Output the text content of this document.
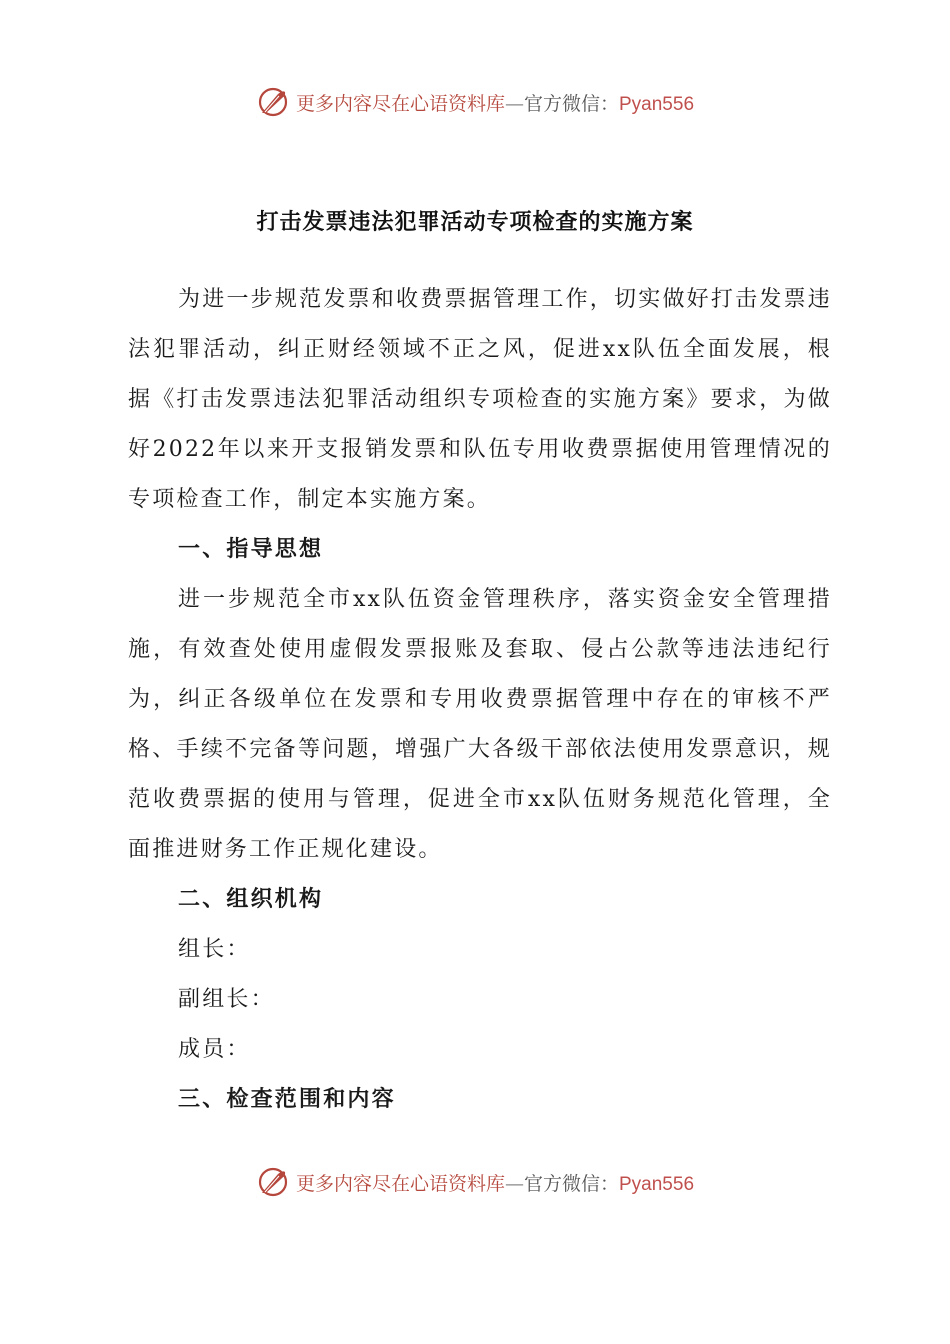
更多内容尽在心语资料库—官方微信：Pyan556
打击发票违法犯罪活动专项检查的实施方案

为进一步规范发票和收费票据管理工作，切实做好打击发票违法犯罪活动，纠正财经领域不正之风，促进xx队伍全面发展，根据《打击发票违法犯罪活动组织专项检查的实施方案》要求，为做好2022年以来开支报销发票和队伍专用收费票据使用管理情况的专项检查工作，制定本实施方案。

一、指导思想

进一步规范全市xx队伍资金管理秩序，落实资金安全管理措施，有效查处使用虚假发票报账及套取、侵占公款等违法违纪行为，纠正各级单位在发票和专用收费票据管理中存在的审核不严格、手续不完备等问题，增强广大各级干部依法使用发票意识，规范收费票据的使用与管理，促进全市xx队伍财务规范化管理，全面推进财务工作正规化建设。

二、组织机构

组长：

副组长：

成员：

三、检查范围和内容

更多内容尽在心语资料库—官方微信：Pyan556
